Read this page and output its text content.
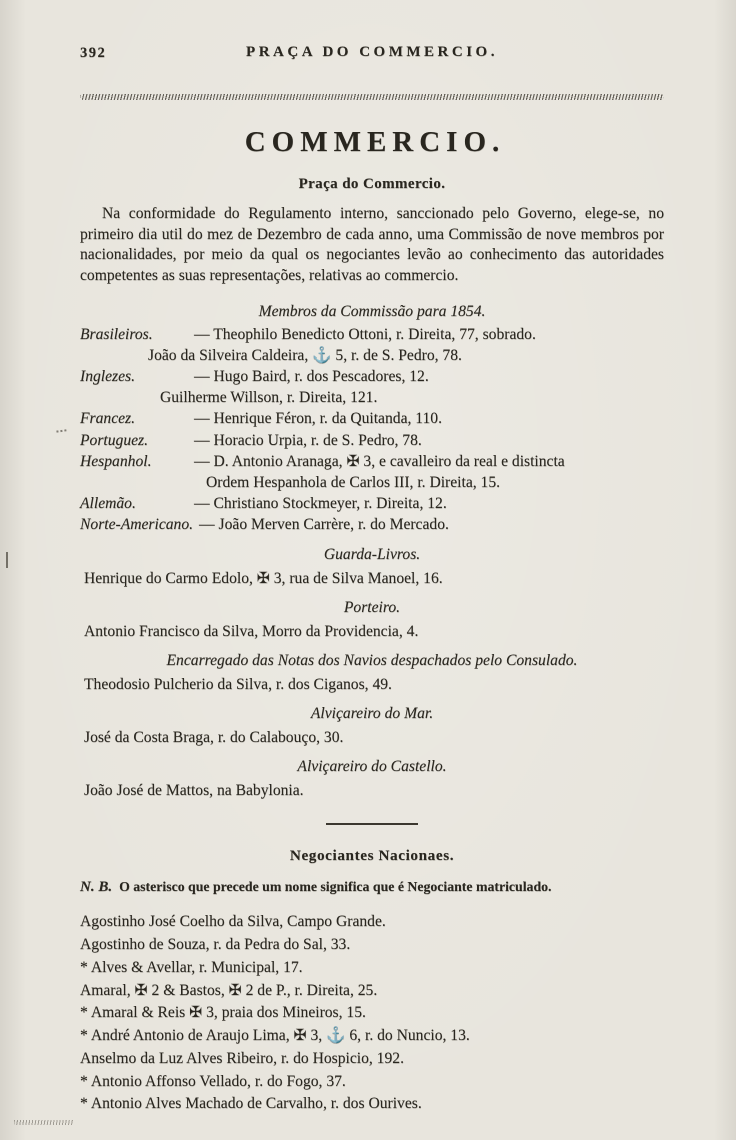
392	PRAÇA DO COMMERCIO.
COMMERCIO.
Praça do Commercio.

Na conformidade do Regulamento interno, sanccionado pelo Governo, elege-se, no primeiro dia util do mez de Dezembro de cada anno, uma Commissão de nove membros por nacionalidades, por meio da qual os negociantes levão ao conhecimento das autoridades competentes as suas representações, relativas ao commercio.

Membros da Commissão para 1854.
Brasileiros.	— Theophilo Benedicto Ottoni, r. Direita, 77, sobrado.
João da Silveira Caldeira, ⚓ 5, r. de S. Pedro, 78.
Inglezes.	— Hugo Baird, r. dos Pescadores, 12.
Guilherme Willson, r. Direita, 121.
Francez.	— Henrique Féron, r. da Quitanda, 110.
Portuguez.	— Horacio Urpia, r. de S. Pedro, 78.
Hespanhol.	— D. Antonio Aranaga, ✠ 3, e cavalleiro da real e distincta
Ordem Hespanhola de Carlos III, r. Direita, 15.
Allemão.	— Christiano Stockmeyer, r. Direita, 12.
Norte-Americano. — João Merven Carrère, r. do Mercado.
Guarda-Livros.
Henrique do Carmo Edolo, ✠ 3, rua de Silva Manoel, 16.
Porteiro.
Antonio Francisco da Silva, Morro da Providencia, 4.
Encarregado das Notas dos Navios despachados pelo Consulado.
Theodosio Pulcherio da Silva, r. dos Ciganos, 49.
Alviçareiro do Mar.
José da Costa Braga, r. do Calabouço, 30.
Alviçareiro do Castello.
João José de Mattos, na Babylonia.
Negociantes Nacionaes.
N. B. O asterisco que precede um nome significa que é Negociante matriculado.
Agostinho José Coelho da Silva, Campo Grande.
Agostinho de Souza, r. da Pedra do Sal, 33.
* Alves & Avellar, r. Municipal, 17.
Amaral, ✠ 2 & Bastos, ✠ 2 de P., r. Direita, 25.
* Amaral & Reis ✠ 3, praia dos Mineiros, 15.
* André Antonio de Araujo Lima, ✠ 3, ⚓ 6, r. do Nuncio, 13.
Anselmo da Luz Alves Ribeiro, r. do Hospicio, 192.
* Antonio Affonso Vellado, r. do Fogo, 37.
* Antonio Alves Machado de Carvalho, r. dos Ourives.
